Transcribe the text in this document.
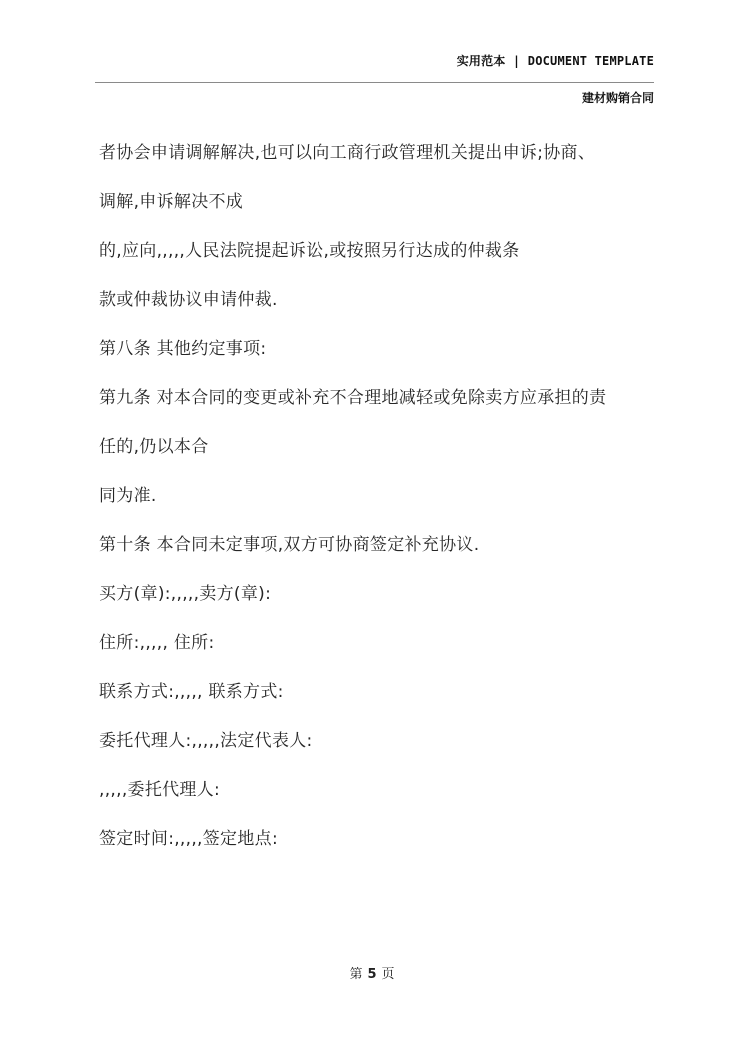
实用范本 | DOCUMENT TEMPLATE
建材购销合同
者协会申请调解解决,也可以向工商行政管理机关提出申诉;协商、
调解,申诉解决不成
的,应向,,,,,人民法院提起诉讼,或按照另行达成的仲裁条
款或仲裁协议申请仲裁.
第八条 其他约定事项:
第九条 对本合同的变更或补充不合理地减轻或免除卖方应承担的责
任的,仍以本合
同为准.
第十条 本合同未定事项,双方可协商签定补充协议.
买方(章):,,,,,卖方(章):
住所:,,,,, 住所:
联系方式:,,,,, 联系方式:
委托代理人:,,,,,法定代表人:
,,,,,委托代理人:
签定时间:,,,,,签定地点:
第 5 页
